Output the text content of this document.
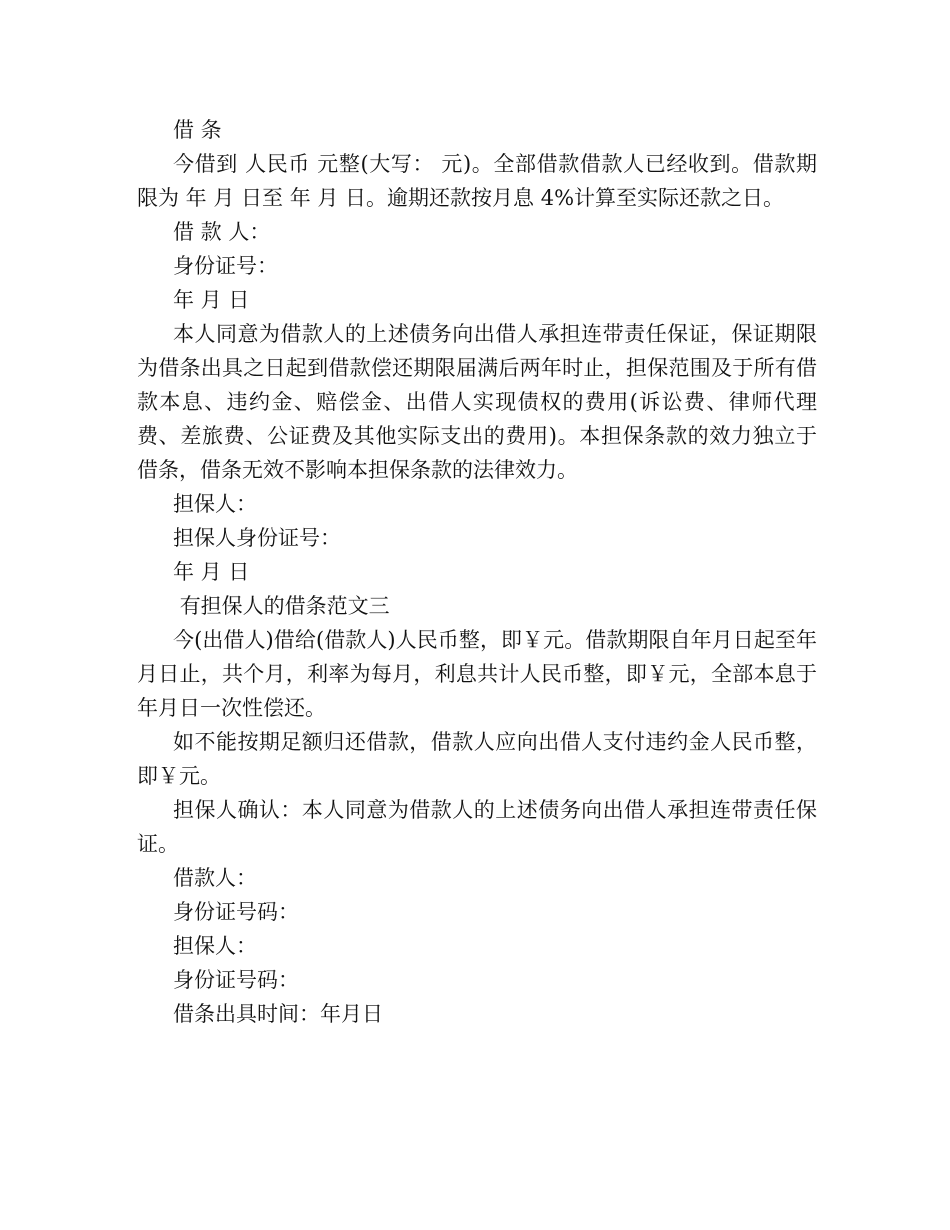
借 条

今借到 人民币 元整(大写： 元)。全部借款借款人已经收到。借款期限为 年 月 日至 年 月 日。逾期还款按月息 4%计算至实际还款之日。

借 款 人：

身份证号：

年 月 日

本人同意为借款人的上述债务向出借人承担连带责任保证，保证期限为借条出具之日起到借款偿还期限届满后两年时止，担保范围及于所有借款本息、违约金、赔偿金、出借人实现债权的费用(诉讼费、律师代理费、差旅费、公证费及其他实际支出的费用)。本担保条款的效力独立于借条，借条无效不影响本担保条款的法律效力。

担保人：

担保人身份证号：

年 月 日

有担保人的借条范文三

今(出借人)借给(借款人)人民币整，即￥元。借款期限自年月日起至年月日止，共个月，利率为每月，利息共计人民币整，即￥元，全部本息于年月日一次性偿还。

如不能按期足额归还借款，借款人应向出借人支付违约金人民币整，即￥元。

担保人确认：本人同意为借款人的上述债务向出借人承担连带责任保证。

借款人：

身份证号码：

担保人：

身份证号码：

借条出具时间：年月日
